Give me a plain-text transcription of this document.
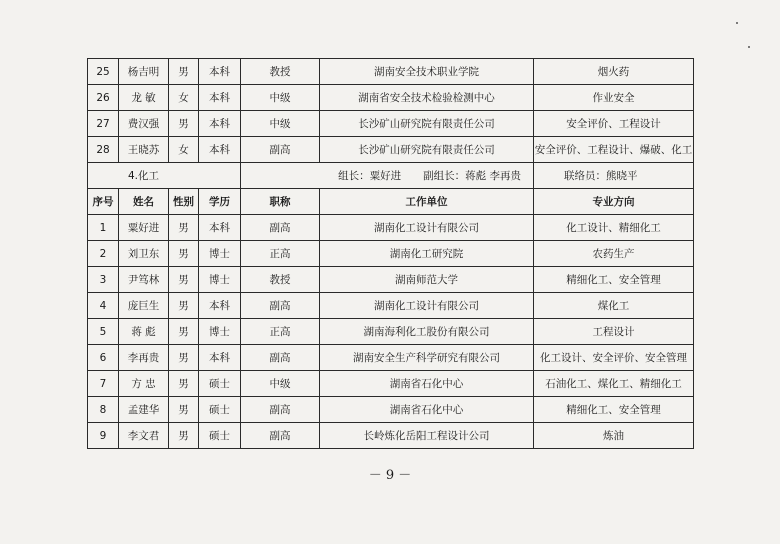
25	杨吉明	男	本科	教授	湖南安全技术职业学院	烟火药
26	龙 敏	女	本科	中级	湖南省安全技术检验检测中心	作业安全
27	费汉强	男	本科	中级	长沙矿山研究院有限责任公司	安全评价、工程设计
28	王晓苏	女	本科	副高	长沙矿山研究院有限责任公司	安全评价、工程设计、爆破、化工
4.化工				组长：粟好进 副组长：蒋彪 李再贵		联络员：熊晓平
序号	姓名	性别	学历	职称	工作单位	专业方向
1	粟好进	男	本科	副高	湖南化工设计有限公司	化工设计、精细化工
2	刘卫东	男	博士	正高	湖南化工研究院	农药生产
3	尹笃林	男	博士	教授	湖南师范大学	精细化工、安全管理
4	庞巨生	男	本科	副高	湖南化工设计有限公司	煤化工
5	蒋 彪	男	博士	正高	湖南海利化工股份有限公司	工程设计
6	李再贵	男	本科	副高	湖南安全生产科学研究有限公司	化工设计、安全评价、安全管理
7	方 忠	男	硕士	中级	湖南省石化中心	石油化工、煤化工、精细化工
8	孟建华	男	硕士	副高	湖南省石化中心	精细化工、安全管理
9	李文君	男	硕士	副高	长岭炼化岳阳工程设计公司	炼油
－ 9 －
